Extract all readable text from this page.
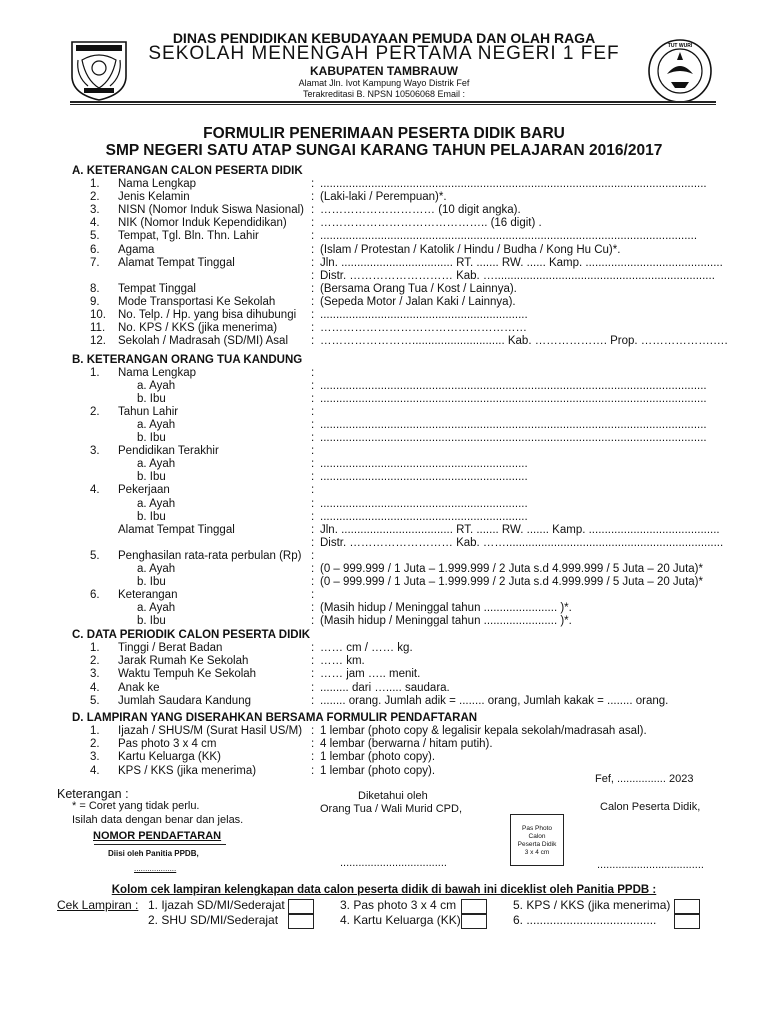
TUT WURI
DINAS PENDIDIKAN KEBUDAYAAN PEMUDA DAN OLAH RAGA
SEKOLAH MENENGAH PERTAMA NEGERI 1 FEF
KABUPATEN TAMBRAUW
Alamat Jln. Ivot Kampung Wayo Distrik Fef
Terakreditasi B. NPSN 10506068 Email :
FORMULIR PENERIMAAN PESERTA DIDIK BARU
SMP NEGERI SATU ATAP SUNGAI KARANG TAHUN PELAJARAN 2016/2017
A. KETERANGAN CALON PESERTA DIDIK
1. Nama Lengkap	: .........................................................................................................................
2. Jenis Kelamin	: (Laki-laki / Perempuan)*.
3. NISN (Nomor Induk Siswa Nasional) : ………………………… (10 digit angka).
4. NIK (Nomor Induk Kependidikan) : …………………………………….. (16 digit) .
5. Tempat, Tgl. Bln. Thn. Lahir	: ......................................................................................................................
6. Agama	: (Islam / Protestan / Katolik / Hindu / Budha / Kong Hu Cu)*.
7. Alamat Tempat Tinggal	: Jln. ................................... RT. ....... RW. ...... Kamp. ...........................................
: Distr. ……………………… Kab. ….....................................................................
8. Tempat Tinggal	: (Bersama Orang Tua / Kost / Lainnya).
9. Mode Transportasi Ke Sekolah	: (Sepeda Motor / Jalan Kaki / Lainnya).
10. No. Telp. / Hp. yang bisa dihubungi : .................................................................
11. No. KPS / KKS (jika menerima)	: ………………………………………………
12. Sekolah / Madrasah (SD/MI) Asal : ……………………............................. Kab. ………………. Prop. ……………….….
B. KETERANGAN ORANG TUA KANDUNG
1. Nama Lengkap	:
a. Ayah	: .........................................................................................................................
b. Ibu	: .........................................................................................................................
2. Tahun Lahir	:
a. Ayah	: .........................................................................................................................
b. Ibu	: .........................................................................................................................
3. Pendidikan Terakhir	:
a. Ayah	: .................................................................
b. Ibu	: .................................................................
4. Pekerjaan	:
a. Ayah	: .................................................................
b. Ibu	: .................................................................
Alamat Tempat Tinggal	: Jln. ................................... RT. ....... RW. ....... Kamp. .........................................
: Distr. ……………………… Kab. ……....................................................................
5. Penghasilan rata-rata perbulan (Rp) :
a. Ayah	: (0 – 999.999 / 1 Juta – 1.999.999 / 2 Juta s.d 4.999.999 / 5 Juta – 20 Juta)*
b. Ibu	: (0 – 999.999 / 1 Juta – 1.999.999 / 2 Juta s.d 4.999.999 / 5 Juta – 20 Juta)*
6. Keterangan	:
a. Ayah	: (Masih hidup / Meninggal tahun ....................... )*.
b. Ibu	: (Masih hidup / Meninggal tahun ....................... )*.
C. DATA PERIODIK CALON PESERTA DIDIK
1. Tinggi / Berat Badan	: …… cm / …… kg.
2. Jarak Rumah Ke Sekolah	: …… km.
3. Waktu Tempuh Ke Sekolah	: …… jam ….. menit.
4. Anak ke	: ......... dari …..... saudara.
5. Jumlah Saudara Kandung	: ........ orang. Jumlah adik = ........ orang, Jumlah kakak = ........ orang.
D. LAMPIRAN YANG DISERAHKAN BERSAMA FORMULIR PENDAFTARAN
1. Ijazah / SHUS/M (Surat Hasil US/M) : 1 lembar (photo copy & legalisir kepala sekolah/madrasah asal).
2. Pas photo 3 x 4 cm	: 4 lembar (berwarna / hitam putih).
3. Kartu Keluarga (KK)	: 1 lembar (photo copy).
4. KPS / KKS (jika menerima)	: 1 lembar (photo copy).
Fef, ................ 2023
Keterangan :
* = Coret yang tidak perlu.
Isilah data dengan benar dan jelas.
Diketahui oleh
Orang Tua / Wali Murid CPD,	Calon Peserta Didik,
NOMOR PENDAFTARAN
Diisi oleh Panitia PPDB,
...................
Pas Photo
Calon
Peserta Didik
3 x 4 cm
...................................	...................................
Kolom cek lampiran kelengkapan data calon peserta didik di bawah ini diceklist oleh Panitia PPDB :
Cek Lampiran : 1. Ijazah SD/MI/Sederajat
2. SHU SD/MI/Sederajat
3. Pas photo 3 x 4 cm
4. Kartu Keluarga (KK)
5. KPS / KKS (jika menerima)
6. .......................................
